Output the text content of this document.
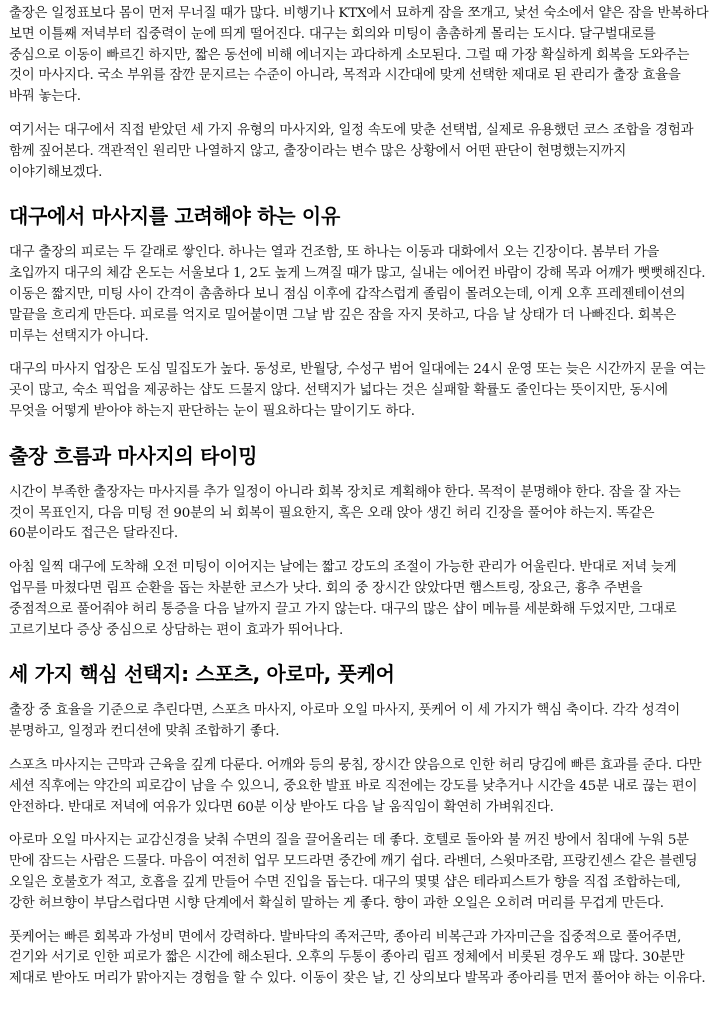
출장은 일정표보다 몸이 먼저 무너질 때가 많다. 비행기나 KTX에서 묘하게 잠을 쪼개고, 낯선 숙소에서 얕은 잠을 반복하다 보면 이틀째 저녁부터 집중력이 눈에 띄게 떨어진다. 대구는 회의와 미팅이 촘촘하게 몰리는 도시다. 달구벌대로를 중심으로 이동이 빠르긴 하지만, 짧은 동선에 비해 에너지는 과다하게 소모된다. 그럴 때 가장 확실하게 회복을 도와주는 것이 마사지다. 국소 부위를 잠깐 문지르는 수준이 아니라, 목적과 시간대에 맞게 선택한 제대로 된 관리가 출장 효율을 바꿔 놓는다.

여기서는 대구에서 직접 받았던 세 가지 유형의 마사지와, 일정 속도에 맞춘 선택법, 실제로 유용했던 코스 조합을 경험과 함께 짚어본다. 객관적인 원리만 나열하지 않고, 출장이라는 변수 많은 상황에서 어떤 판단이 현명했는지까지 이야기해보겠다.

대구에서 마사지를 고려해야 하는 이유

대구 출장의 피로는 두 갈래로 쌓인다. 하나는 열과 건조함, 또 하나는 이동과 대화에서 오는 긴장이다. 봄부터 가을 초입까지 대구의 체감 온도는 서울보다 1, 2도 높게 느껴질 때가 많고, 실내는 에어컨 바람이 강해 목과 어깨가 뻣뻣해진다. 이동은 짧지만, 미팅 사이 간격이 촘촘하다 보니 점심 이후에 갑작스럽게 졸림이 몰려오는데, 이게 오후 프레젠테이션의 말끝을 흐리게 만든다. 피로를 억지로 밀어붙이면 그날 밤 깊은 잠을 자지 못하고, 다음 날 상태가 더 나빠진다. 회복은 미루는 선택지가 아니다.

대구의 마사지 업장은 도심 밀집도가 높다. 동성로, 반월당, 수성구 범어 일대에는 24시 운영 또는 늦은 시간까지 문을 여는 곳이 많고, 숙소 픽업을 제공하는 샵도 드물지 않다. 선택지가 넓다는 것은 실패할 확률도 줄인다는 뜻이지만, 동시에 무엇을 어떻게 받아야 하는지 판단하는 눈이 필요하다는 말이기도 하다.

출장 흐름과 마사지의 타이밍

시간이 부족한 출장자는 마사지를 추가 일정이 아니라 회복 장치로 계획해야 한다. 목적이 분명해야 한다. 잠을 잘 자는 것이 목표인지, 다음 미팅 전 90분의 뇌 회복이 필요한지, 혹은 오래 앉아 생긴 허리 긴장을 풀어야 하는지. 똑같은 60분이라도 접근은 달라진다.

아침 일찍 대구에 도착해 오전 미팅이 이어지는 날에는 짧고 강도의 조절이 가능한 관리가 어울린다. 반대로 저녁 늦게 업무를 마쳤다면 림프 순환을 돕는 차분한 코스가 낫다. 회의 중 장시간 앉았다면 햄스트링, 장요근, 흉추 주변을 중점적으로 풀어줘야 허리 통증을 다음 날까지 끌고 가지 않는다. 대구의 많은 샵이 메뉴를 세분화해 두었지만, 그대로 고르기보다 증상 중심으로 상담하는 편이 효과가 뛰어나다.

세 가지 핵심 선택지: 스포츠, 아로마, 풋케어

출장 중 효율을 기준으로 추린다면, 스포츠 마사지, 아로마 오일 마사지, 풋케어 이 세 가지가 핵심 축이다. 각각 성격이 분명하고, 일정과 컨디션에 맞춰 조합하기 좋다.

스포츠 마사지는 근막과 근육을 깊게 다룬다. 어깨와 등의 뭉침, 장시간 앉음으로 인한 허리 당김에 빠른 효과를 준다. 다만 세션 직후에는 약간의 피로감이 남을 수 있으니, 중요한 발표 바로 직전에는 강도를 낮추거나 시간을 45분 내로 끊는 편이 안전하다. 반대로 저녁에 여유가 있다면 60분 이상 받아도 다음 날 움직임이 확연히 가벼워진다.

아로마 오일 마사지는 교감신경을 낮춰 수면의 질을 끌어올리는 데 좋다. 호텔로 돌아와 불 꺼진 방에서 침대에 누워 5분 만에 잠드는 사람은 드물다. 마음이 여전히 업무 모드라면 중간에 깨기 쉽다. 라벤더, 스윗마조람, 프랑킨센스 같은 블렌딩 오일은 호불호가 적고, 호흡을 깊게 만들어 수면 진입을 돕는다. 대구의 몇몇 샵은 테라피스트가 향을 직접 조합하는데, 강한 허브향이 부담스럽다면 시향 단계에서 확실히 말하는 게 좋다. 향이 과한 오일은 오히려 머리를 무겁게 만든다.

풋케어는 빠른 회복과 가성비 면에서 강력하다. 발바닥의 족저근막, 종아리 비복근과 가자미근을 집중적으로 풀어주면, 걷기와 서기로 인한 피로가 짧은 시간에 해소된다. 오후의 두통이 종아리 림프 정체에서 비롯된 경우도 꽤 많다. 30분만 제대로 받아도 머리가 맑아지는 경험을 할 수 있다. 이동이 잦은 날, 긴 상의보다 발목과 종아리를 먼저 풀어야 하는 이유다.
